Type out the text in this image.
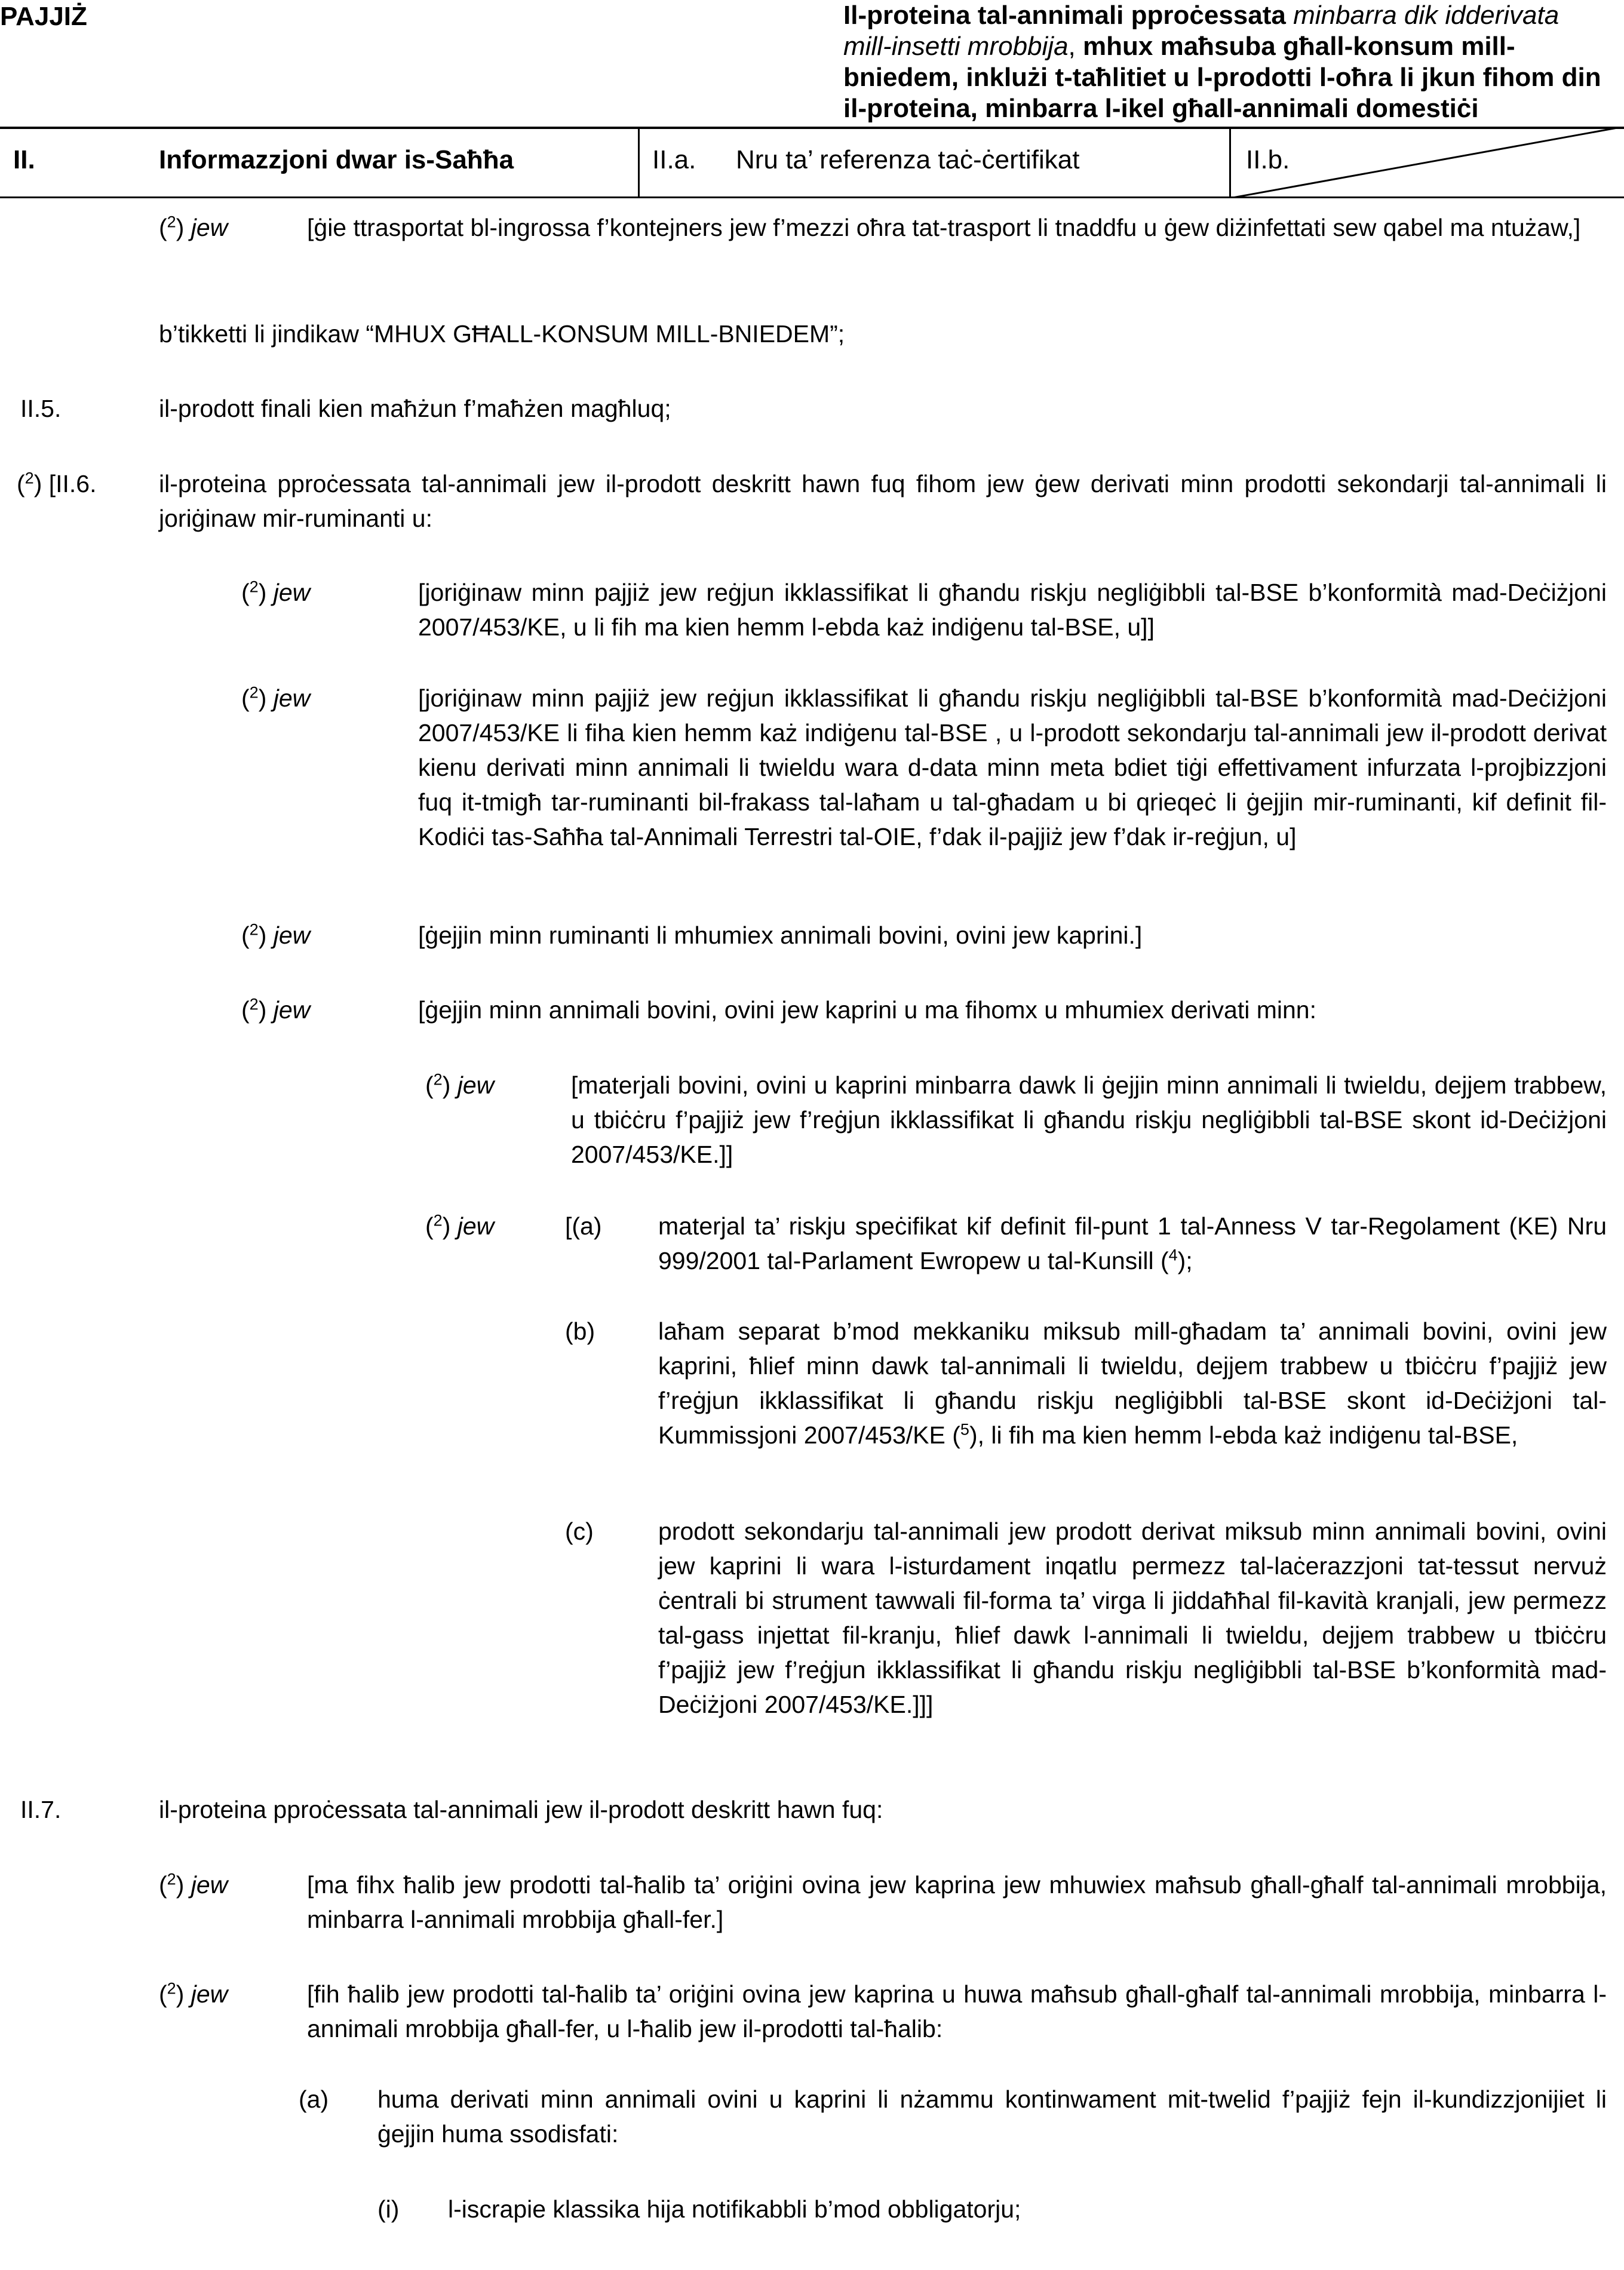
PAJJIŻ	Il-proteina tal-annimali pproċessata minbarra dik idderivata mill-insetti mrobbija, mhux maħsuba għall-konsum mill-bniedem, inklużi t-taħlitiet u l-prodotti l-oħra li jkun fihom din il-proteina, minbarra l-ikel għall-annimali domestiċi
II.	Informazzjoni dwar is-Saħħa	II.a. Nru ta’ referenza taċ-ċertifikat	II.b.
($^2$) jew	[ġie ttrasportat bl-ingrossa f’kontejners jew f’mezzi oħra tat-trasport li tnaddfu u ġew diżinfettati sew qabel ma ntużaw,]
b’tikketti li jindikaw “MHUX GĦALL-KONSUM MILL-BNIEDEM”;
II.5.	il-prodott finali kien maħżun f’maħżen magħluq;
($^2$) [II.6.	il-proteina pproċessata tal-annimali jew il-prodott deskritt hawn fuq fihom jew ġew derivati minn prodotti sekondarji tal-annimali li joriġinaw mir-ruminanti u:
($^2$) jew	[joriġinaw minn pajjiż jew reġjun ikklassifikat li għandu riskju negliġibbli tal-BSE b’konformità mad-Deċiżjoni 2007/453/KE, u li fih ma kien hemm l-ebda każ indiġenu tal-BSE, u]]
($^2$) jew	[joriġinaw minn pajjiż jew reġjun ikklassifikat li għandu riskju negliġibbli tal-BSE b’konformità mad-Deċiżjoni 2007/453/KE li fiha kien hemm każ indiġenu tal-BSE , u l-prodott sekondarju tal-annimali jew il-prodott derivat kienu derivati minn annimali li twieldu wara d-data minn meta bdiet tiġi effettivament infurzata l-projbizzjoni fuq it-tmigħ tar-ruminanti bil-frakass tal-laħam u tal-għadam u bi qrieqeċ li ġejjin mir-ruminanti, kif definit fil-Kodiċi tas-Saħħa tal-Annimali Terrestri tal-OIE, f’dak il-pajjiż jew f’dak ir-reġjun, u]
($^2$) jew	[ġejjin minn ruminanti li mhumiex annimali bovini, ovini jew kaprini.]
($^2$) jew	[ġejjin minn annimali bovini, ovini jew kaprini u ma fihomx u mhumiex derivati minn:
($^2$) jew	[materjali bovini, ovini u kaprini minbarra dawk li ġejjin minn annimali li twieldu, dejjem trabbew, u tbiċċru f’pajjiż jew f’reġjun ikklassifikat li għandu riskju negliġibbli tal-BSE skont id-Deċiżjoni 2007/453/KE.]]
($^2$) jew	[(a) materjal ta’ riskju speċifikat kif definit fil-punt 1 tal-Anness V tar-Regolament (KE) Nru 999/2001 tal-Parlament Ewropew u tal-Kunsill ($^4$);
(b)	laħam separat b’mod mekkaniku miksub mill-għadam ta’ annimali bovini, ovini jew kaprini, ħlief minn dawk tal-annimali li twieldu, dejjem trabbew u tbiċċru f’pajjiż jew f’reġjun ikklassifikat li għandu riskju negliġibbli tal-BSE skont id-Deċiżjoni tal-Kummissjoni 2007/453/KE ($^5$), li fih ma kien hemm l-ebda każ indiġenu tal-BSE,
(c)	prodott sekondarju tal-annimali jew prodott derivat miksub minn annimali bovini, ovini jew kaprini li wara l-isturdament inqatlu permezz tal-laċerazzjoni tat-tessut nervuż ċentrali bi strument tawwali fil-forma ta’ virga li jiddaħħal fil-kavità kranjali, jew permezz tal-gass injettat fil-kranju, ħlief dawk l-annimali li twieldu, dejjem trabbew u tbiċċru f’pajjiż jew f’reġjun ikklassifikat li għandu riskju negliġibbli tal-BSE b’konformità mad-Deċiżjoni 2007/453/KE.]]]
II.7.	il-proteina pproċessata tal-annimali jew il-prodott deskritt hawn fuq:
($^2$) jew	[ma fihx ħalib jew prodotti tal-ħalib ta’ oriġini ovina jew kaprina jew mhuwiex maħsub għall-għalf tal-annimali mrobbija, minbarra l-annimali mrobbija għall-fer.]
($^2$) jew	[fih ħalib jew prodotti tal-ħalib ta’ oriġini ovina jew kaprina u huwa maħsub għall-għalf tal-annimali mrobbija, minbarra l-annimali mrobbija għall-fer, u l-ħalib jew il-prodotti tal-ħalib:
(a) huma derivati minn annimali ovini u kaprini li nżammu kontinwament mit-twelid f’pajjiż fejn il-kundizzjonijiet li ġejjin huma ssodisfati:
(i) l-iscrapie klassika hija notifikabbli b’mod obbligatorju;
